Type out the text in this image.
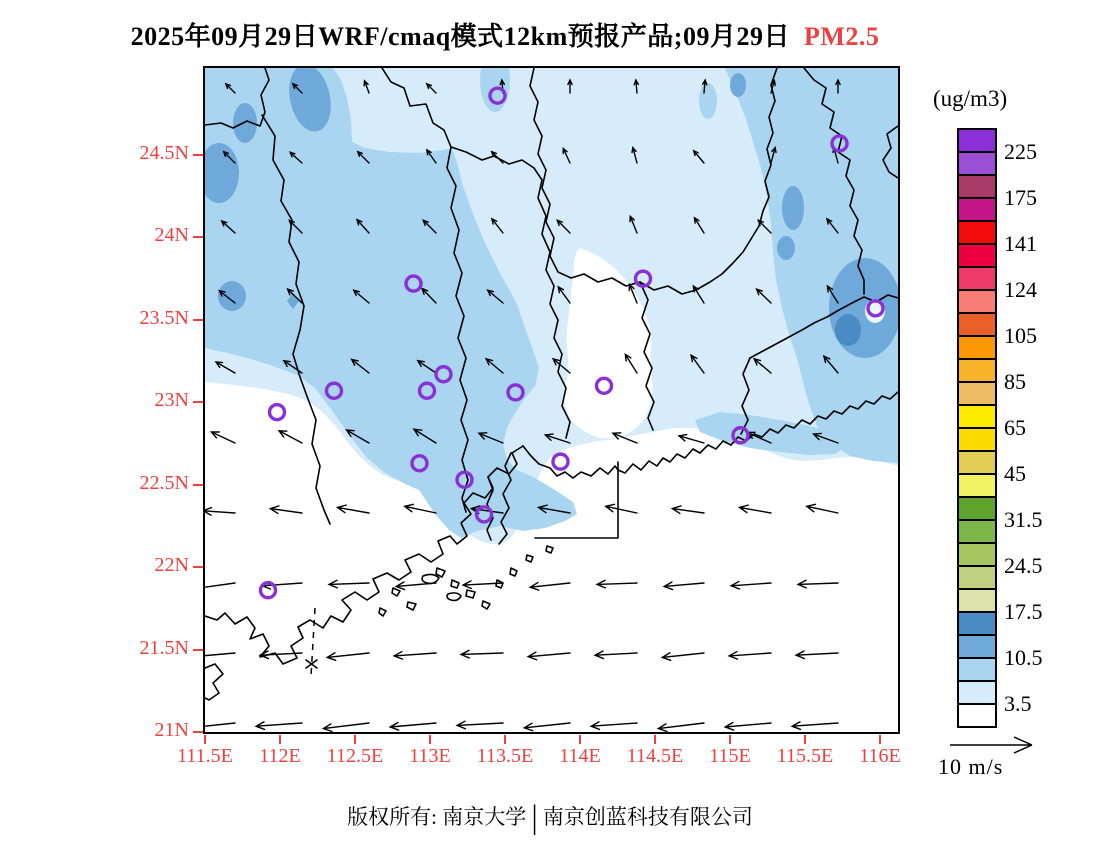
2025年09月29日WRF/cmaq模式12km预报产品;09月29日 PM2.5
(ug/m3)
225
175
141
124
105
85
65
45
31.5
24.5
17.5
10.5
3.5
10 m/s
版权所有: 南京大学 | 南京创蓝科技有限公司
111.5E	112E	112.5E	113E	113.5E	114E	114.5E	115E	115.5E	116E
21N
21.5N
22N
22.5N
23N
23.5N
24N
24.5N
